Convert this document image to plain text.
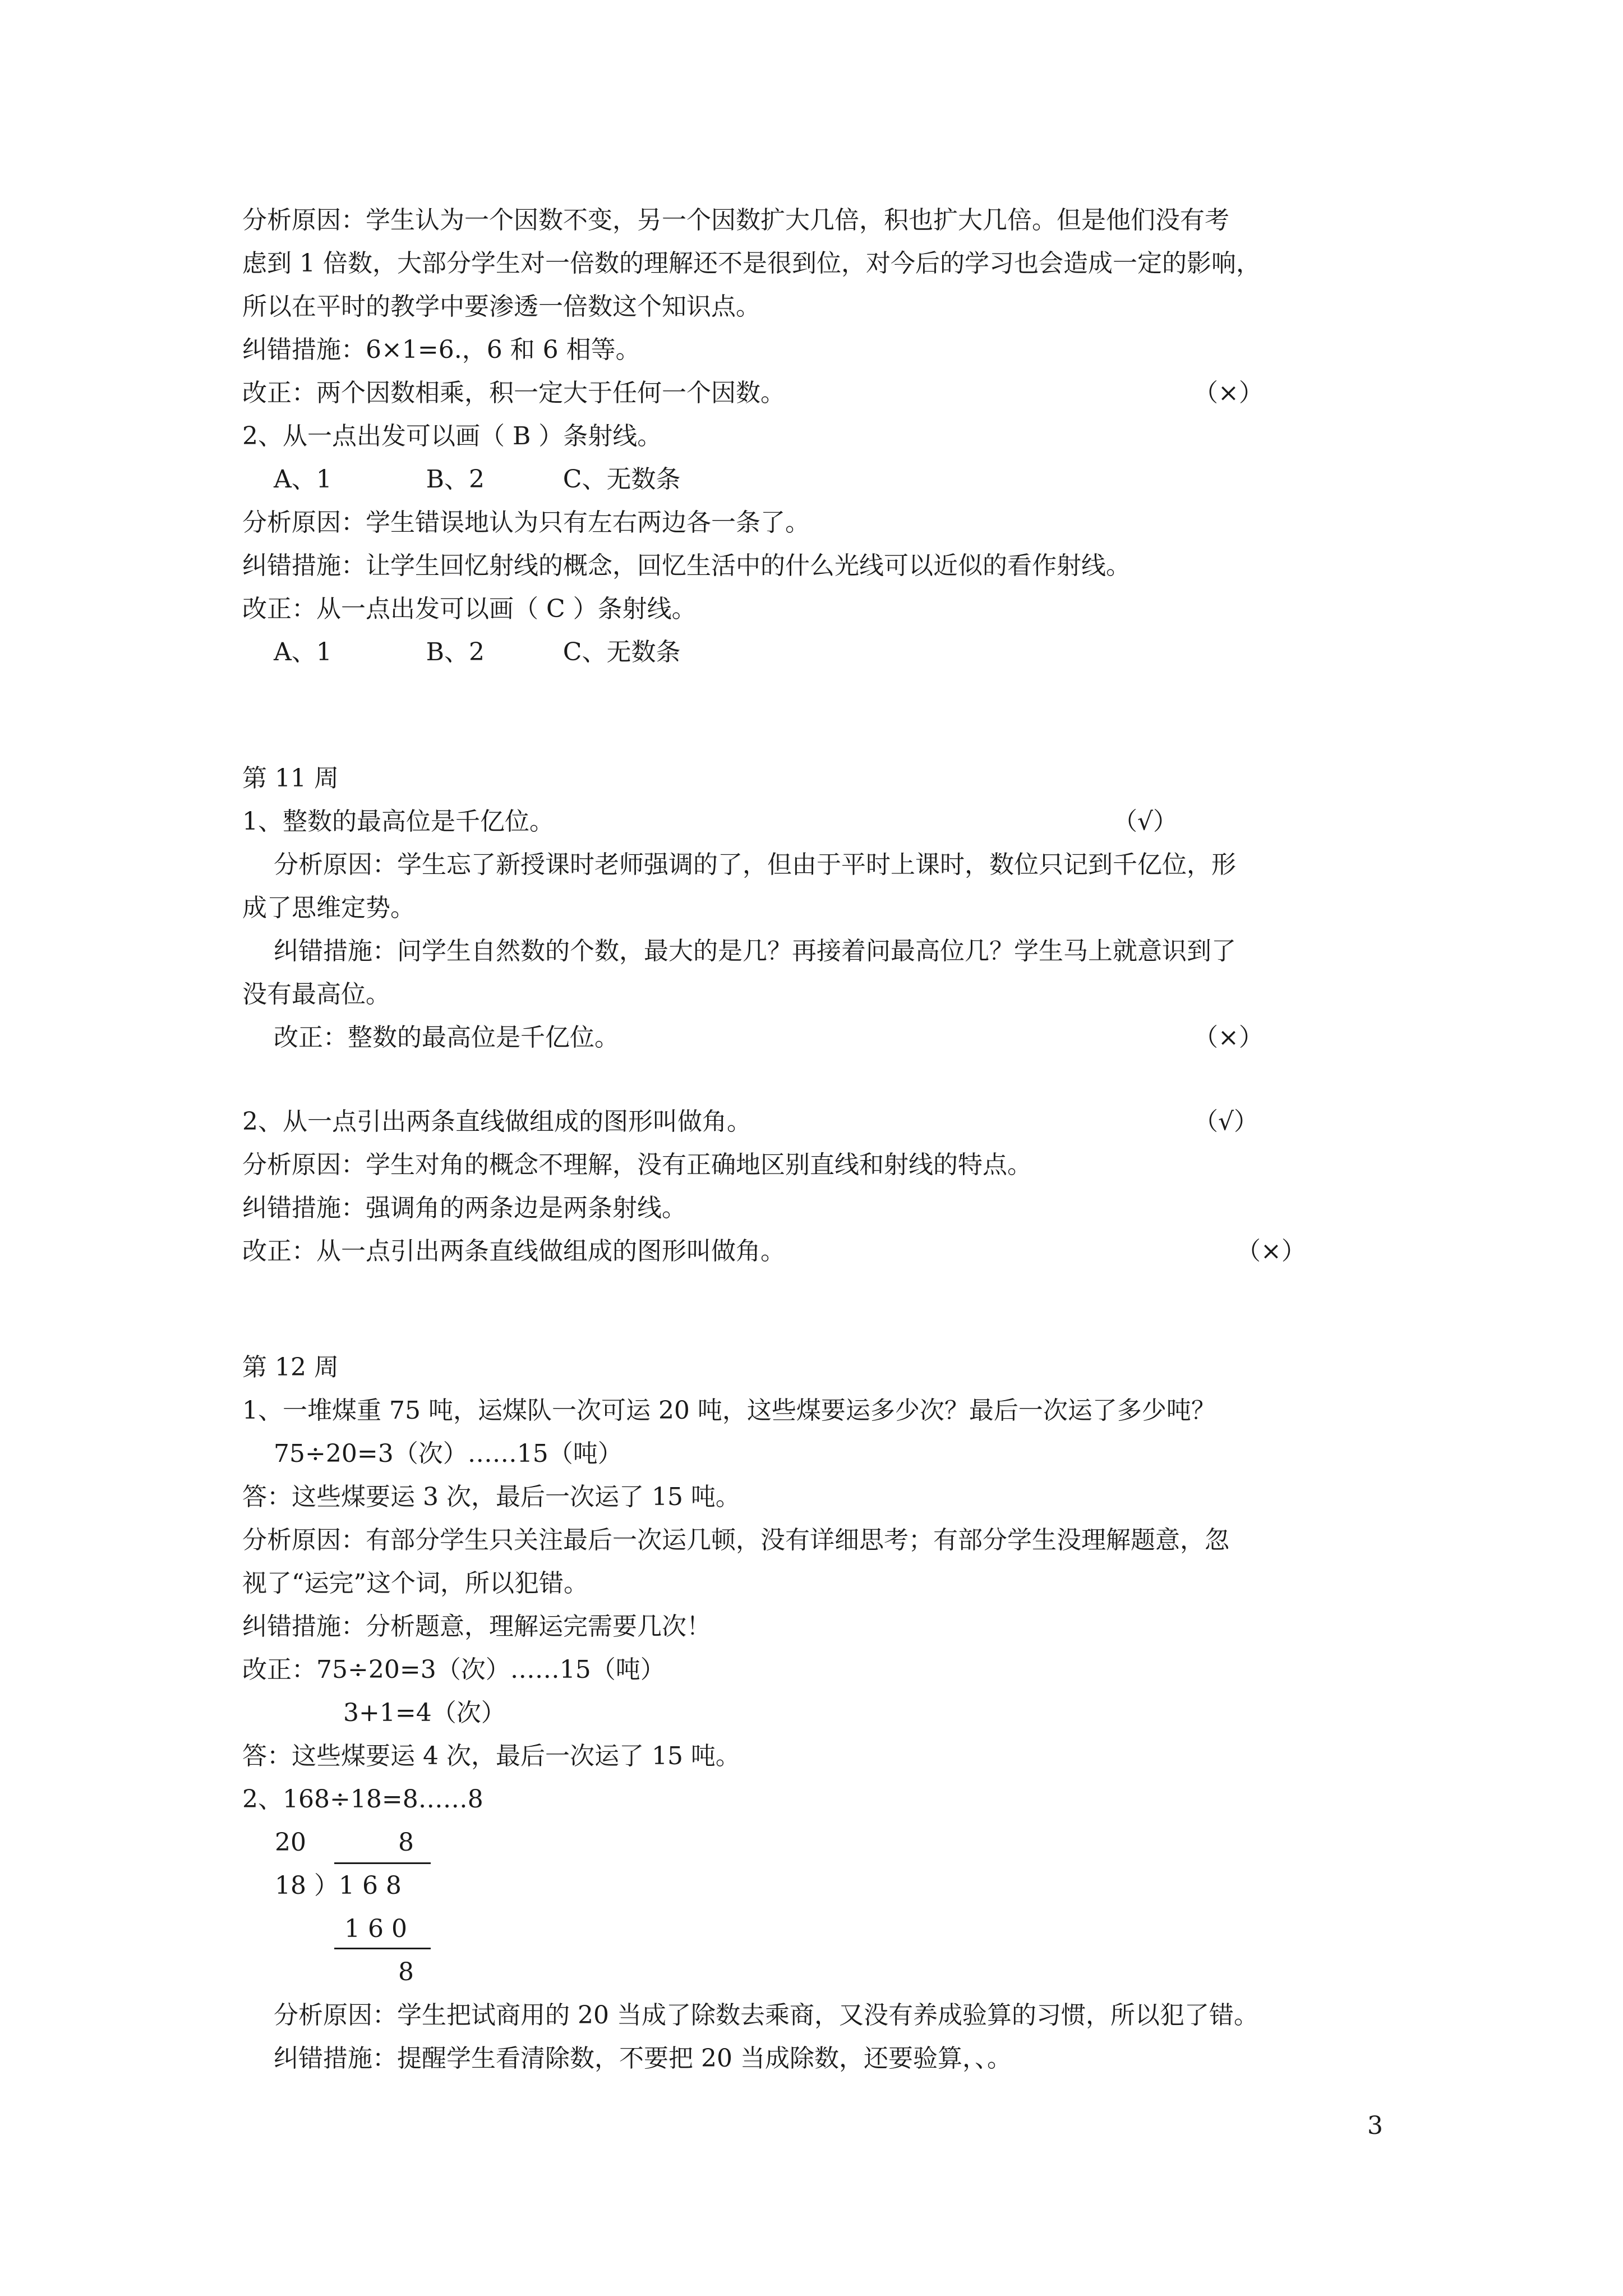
分析原因：学生认为一个因数不变，另一个因数扩大几倍，积也扩大几倍。但是他们没有考

虑到 1 倍数，大部分学生对一倍数的理解还不是很到位，对今后的学习也会造成一定的影响，

所以在平时的教学中要渗透一倍数这个知识点。

纠错措施：6×1=6.，6 和 6 相等。

改正：两个因数相乘，积一定大于任何一个因数。	（×）

2、从一点出发可以画（ B ）条射线。

A、1            B、2          C、无数条

分析原因：学生错误地认为只有左右两边各一条了。

纠错措施：让学生回忆射线的概念，回忆生活中的什么光线可以近似的看作射线。

改正：从一点出发可以画（ C ）条射线。

A、1            B、2          C、无数条

第 11 周

1、整数的最高位是千亿位。	（√）

分析原因：学生忘了新授课时老师强调的了，但由于平时上课时，数位只记到千亿位，形

成了思维定势。

纠错措施：问学生自然数的个数，最大的是几？再接着问最高位几？学生马上就意识到了

没有最高位。

改正：整数的最高位是千亿位。	（×）

2、从一点引出两条直线做组成的图形叫做角。	（√）

分析原因：学生对角的概念不理解，没有正确地区别直线和射线的特点。

纠错措施：强调角的两条边是两条射线。

改正：从一点引出两条直线做组成的图形叫做角。	（×）

第 12 周

1、一堆煤重 75 吨，运煤队一次可运 20 吨，这些煤要运多少次？最后一次运了多少吨？

75÷20=3（次）……15（吨）

答：这些煤要运 3 次，最后一次运了 15 吨。

分析原因：有部分学生只关注最后一次运几顿，没有详细思考；有部分学生没理解题意，忽

视了“运完”这个词，所以犯错。

纠错措施：分析题意，理解运完需要几次！

改正：75÷20=3（次）……15（吨）

3+1=4（次）

答：这些煤要运 4 次，最后一次运了 15 吨。

2、168÷18=8……8

20	8

18 ）1 6 8

1 6 0

8

分析原因：学生把试商用的 20 当成了除数去乘商，又没有养成验算的习惯，所以犯了错。

纠错措施：提醒学生看清除数，不要把 20 当成除数，还要验算，、。

3
